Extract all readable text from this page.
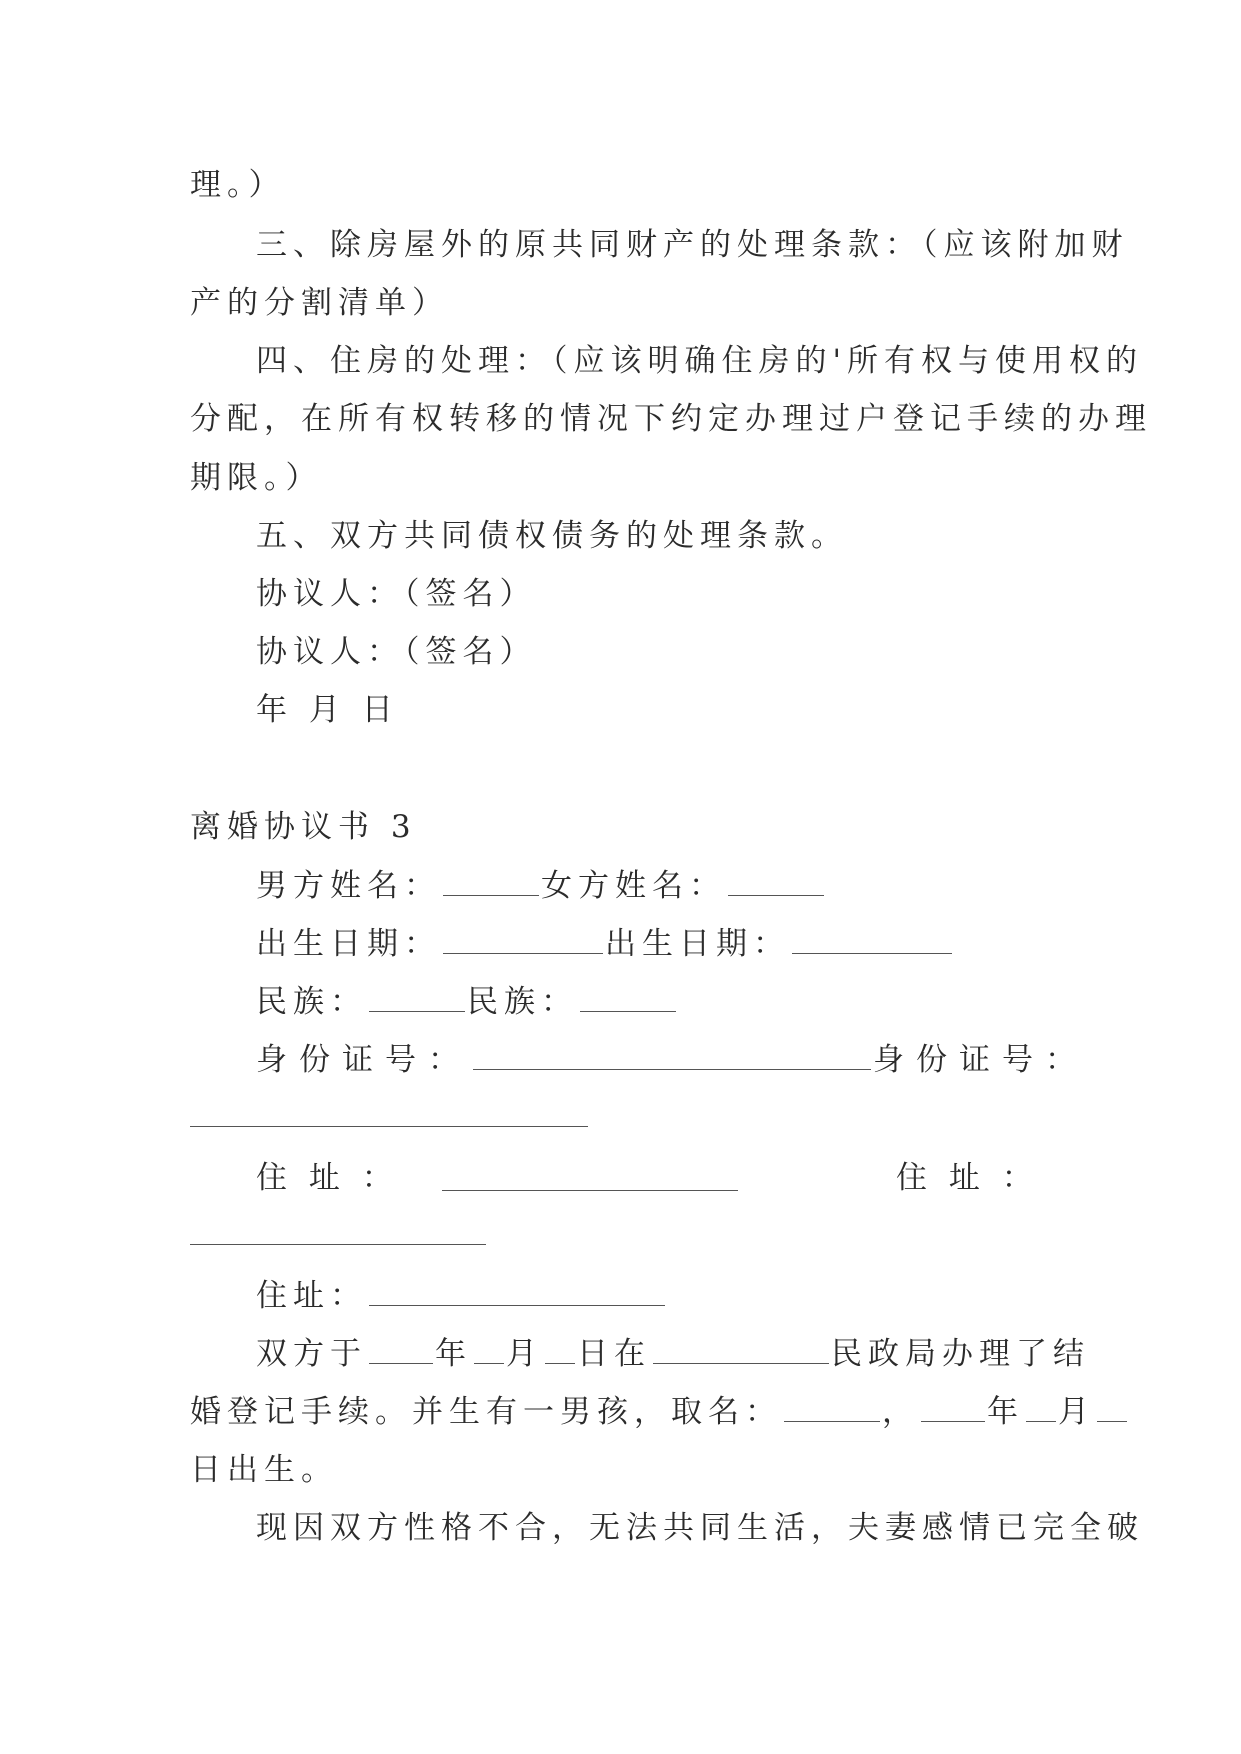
理。）
三、除房屋外的原共同财产的处理条款：（应该附加财
产的分割清单）
四、住房的处理：（应该明确住房的'所有权与使用权的
分配，在所有权转移的情况下约定办理过户登记手续的办理
期限。）
五、双方共同债权债务的处理条款。
协议人：（签名）
协议人：（签名）
年 月 日
离婚协议书 3
男方姓名：	女方姓名：
出生日期：	出生日期：
民族：	民族：
身份证号：	身份证号：
住 址 ：	住 址 ：
住址：
双方于 年 月 日在	民政局办理了结
婚登记手续。并生有一男孩，取名：	， 年 月
日出生。
现因双方性格不合，无法共同生活，夫妻感情已完全破
